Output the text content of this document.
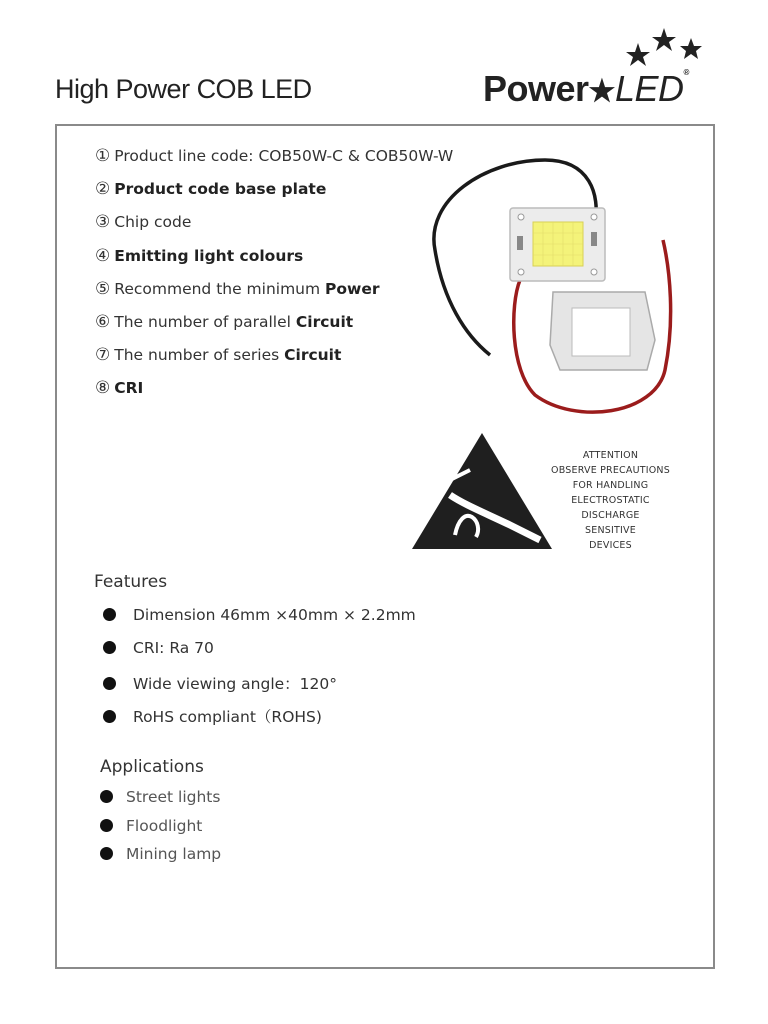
High Power COB LED	Power★LED®
① Product line code: COB50W-C & COB50W-W
② Product code base plate
③ Chip code
④ Emitting light colours
⑤ Recommend the minimum Power
⑥ The number of parallel Circuit
⑦ The number of series Circuit
⑧ CRI
ATTENTION
OBSERVE PRECAUTIONS
FOR HANDLING
ELECTROSTATIC
DISCHARGE
SENSITIVE
DEVICES
Features
Dimension 46mm ×40mm × 2.2mm
CRI: Ra 70
Wide viewing angle：120°
RoHS compliant（ROHS)
Applications
Street lights
Floodlight
Mining lamp
